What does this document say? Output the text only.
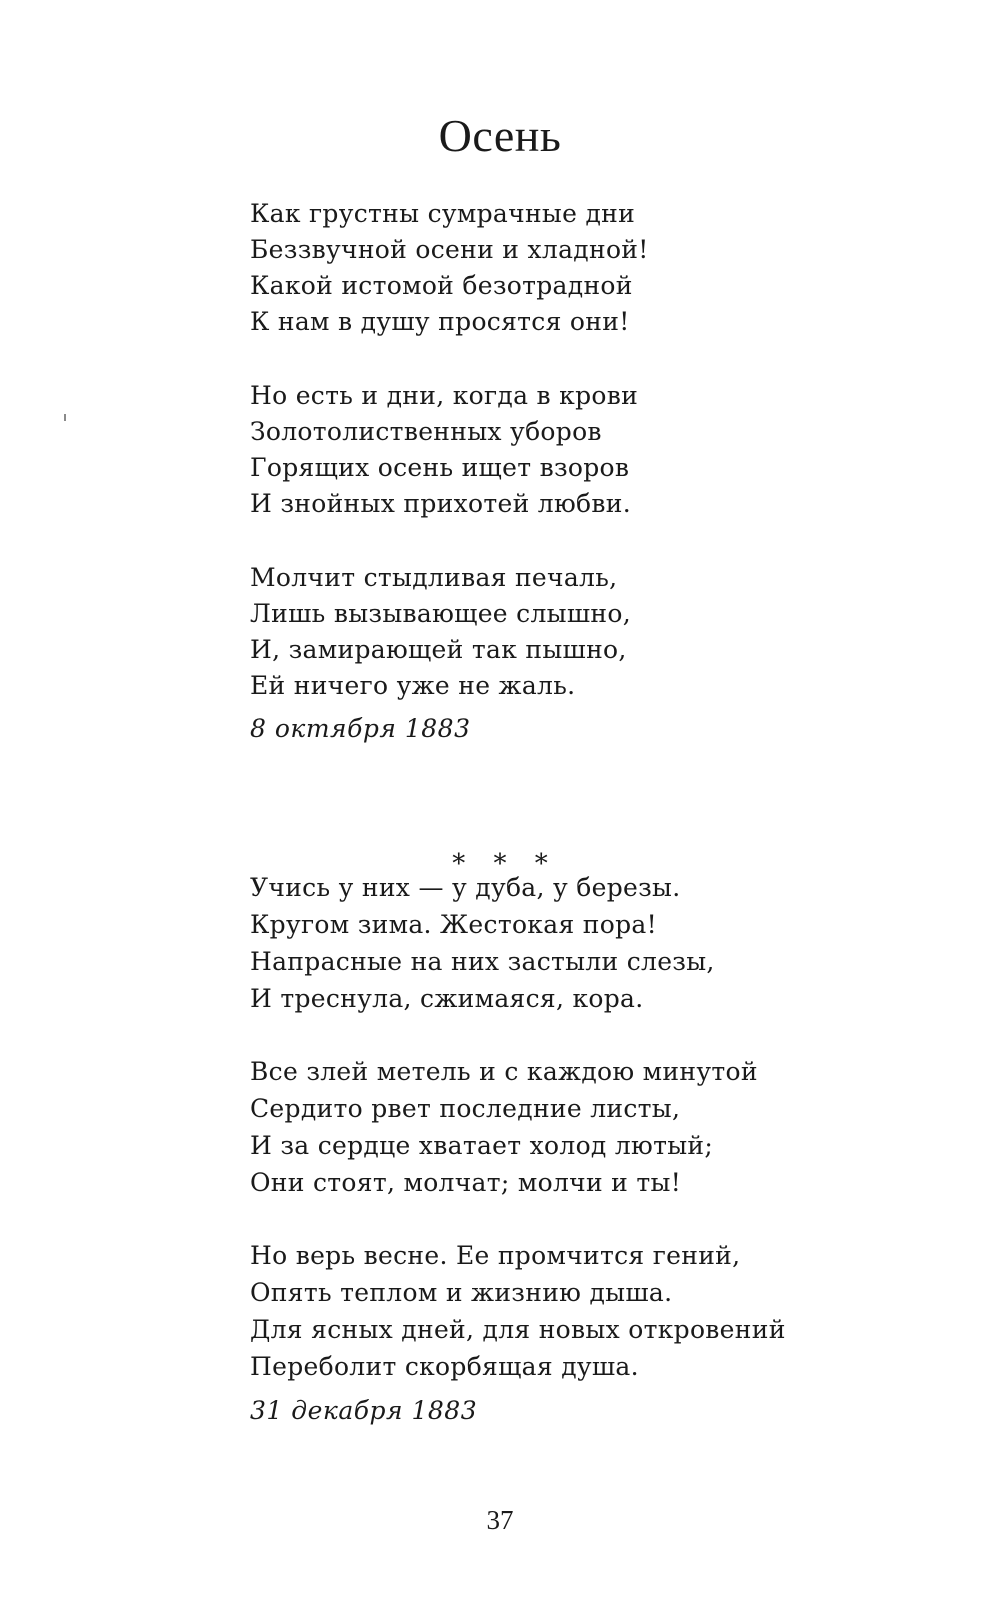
Осень
Как грустны сумрачные дни
Беззвучной осени и хладной!
Какой истомой безотрадной
К нам в душу просятся они!
Но есть и дни, когда в крови
Золотолиственных уборов
Горящих осень ищет взоров
И знойных прихотей любви.
Молчит стыдливая печаль,
Лишь вызывающее слышно,
И, замирающей так пышно,
Ей ничего уже не жаль.
8 октября 1883
* * *
Учись у них — у дуба, у березы.
Кругом зима. Жестокая пора!
Напрасные на них застыли слезы,
И треснула, сжимаяся, кора.
Все злей метель и с каждою минутой
Сердито рвет последние листы,
И за сердце хватает холод лютый;
Они стоят, молчат; молчи и ты!
Но верь весне. Ее промчится гений,
Опять теплом и жизнию дыша.
Для ясных дней, для новых откровений
Переболит скорбящая душа.
31 декабря 1883
37
